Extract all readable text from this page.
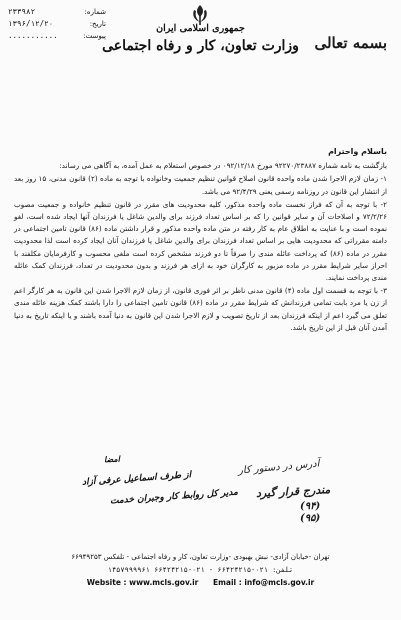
بسمه تعالی
جمهوری اسلامی ایران
وزارت تعاون، کار و رفاه اجتماعی
شماره:
۲۳۳۹۸۲
تاریخ:
۱۳۹۶/۱۲/۲۰
پیوست:
...........

باسلام واحترام

بازگشت به نامه شماره ۹۲۲۷۰/۲۳۸۸۷ مورخ ۰۹۲/۱۲/۱۸ در خصوص استعلام به عمل آمده، به آگاهی می رساند:

۱- زمان لازم الاجرا شدن ماده واحده قانون اصلاح قوانین تنظیم جمعیت وخانواده با توجه به ماده (۲) قانون مدنی، ۱۵ روز بعد از انتشار این قانون در روزنامه رسمی یعنی ۹۲/۴/۲۹ می باشد.

۲- با توجه به آن که فراز نخست ماده واحده مذکور، کلیه محدودیت های مقرر در قانون تنظیم خانواده و جمعیت مصوب ۷۲/۲/۲۶ و اصلاحات آن و سایر قوانین را که بر اساس تعداد فرزند برای والدین شاغل یا فرزندان آنها ایجاد شده است، لغو نموده است و با عنایت به اطلاق عام به کار رفته در متن ماده واحده مذکور و قرار داشتن ماده (۸۶) قانون تامین اجتماعی در دامنه مقرراتی که محدودیت هایی بر اساس تعداد فرزندان برای والدین شاغل یا فرزندان آنان ایجاد کرده است لذا محدودیت مقرر در ماده (۸۶) که پرداخت عائله مندی را صرفاً تا دو فرزند مشخص کرده است ملغی محسوب و کارفرمایان مکلفند با احراز سایر شرایط مقرر در ماده مزبور به کارگران خود به ازای هر فرزند و بدون محدودیت در تعداد، فرزندان کمک عائله مندی پرداخت نمایند.

۳- با توجه به قسمت اول ماده (۴) قانون مدنی ناظر بر اثر فوری قانون، از زمان لازم الاجرا شدن این قانون به هر کارگر اعم از زن یا مرد بابت تمامی فرزندانش که شرایط مقرر در ماده (۸۶) قانون تامین اجتماعی را دارا باشند کمک هزینه عائله مندی تعلق می گیرد اعم از اینکه فرزندان بعد از تاریخ تصویب و لازم الاجرا شدن این قانون به دنیا آمده باشند و یا اینکه تاریخ به دنیا آمدن آنان قبل از این تاریخ باشد.

امضا
از طرف اسماعیل عرفی آزاد
مدیر کل روابط کار وجبران خدمت
آدرس در دستور کار
مندرج قرار گیرد
(۹۴)
(۹۵)
تهران -خیابان آزادی- نبش بهبودی -وزارت تعاون، کار و رفاه اجتماعی - تلفکس ۶۶۹۴۹۲۵۳
۱۴۵۷۹۹۹۹۶۱ تلفن: ۰۲۱-۶۶۴۲۴۲۱۵ - ۰۲۱-۶۶۴۲۴۲۱۵
Website : www.mcls.gov.ir Email : info@mcls.gov.ir
